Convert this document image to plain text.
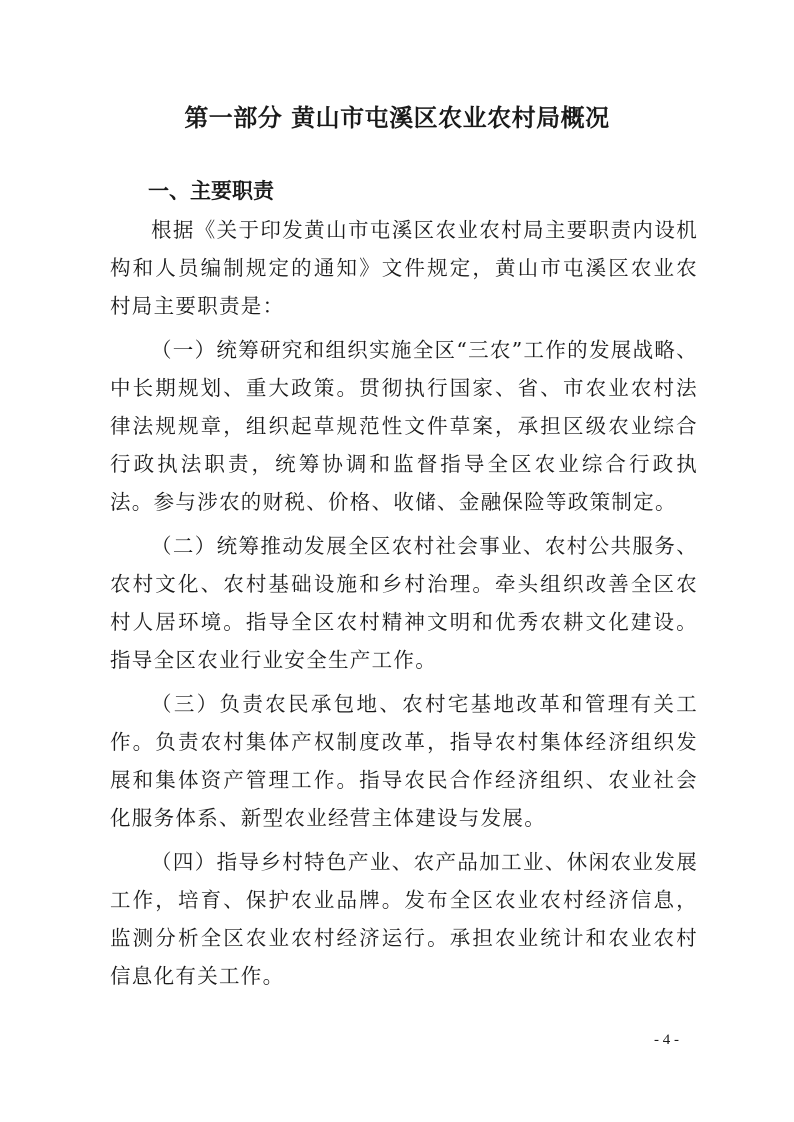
第一部分 黄山市屯溪区农业农村局概况
一、主要职责

根据《关于印发黄山市屯溪区农业农村局主要职责内设机构和人员编制规定的通知》文件规定，黄山市屯溪区农业农村局主要职责是：

（一）统筹研究和组织实施全区“三农”工作的发展战略、中长期规划、重大政策。贯彻执行国家、省、市农业农村法律法规规章，组织起草规范性文件草案，承担区级农业综合行政执法职责，统筹协调和监督指导全区农业综合行政执法。参与涉农的财税、价格、收储、金融保险等政策制定。

（二）统筹推动发展全区农村社会事业、农村公共服务、农村文化、农村基础设施和乡村治理。牵头组织改善全区农村人居环境。指导全区农村精神文明和优秀农耕文化建设。指导全区农业行业安全生产工作。

（三）负责农民承包地、农村宅基地改革和管理有关工作。负责农村集体产权制度改革，指导农村集体经济组织发展和集体资产管理工作。指导农民合作经济组织、农业社会化服务体系、新型农业经营主体建设与发展。

（四）指导乡村特色产业、农产品加工业、休闲农业发展工作，培育、保护农业品牌。发布全区农业农村经济信息，监测分析全区农业农村经济运行。承担农业统计和农业农村信息化有关工作。

- 4 -
